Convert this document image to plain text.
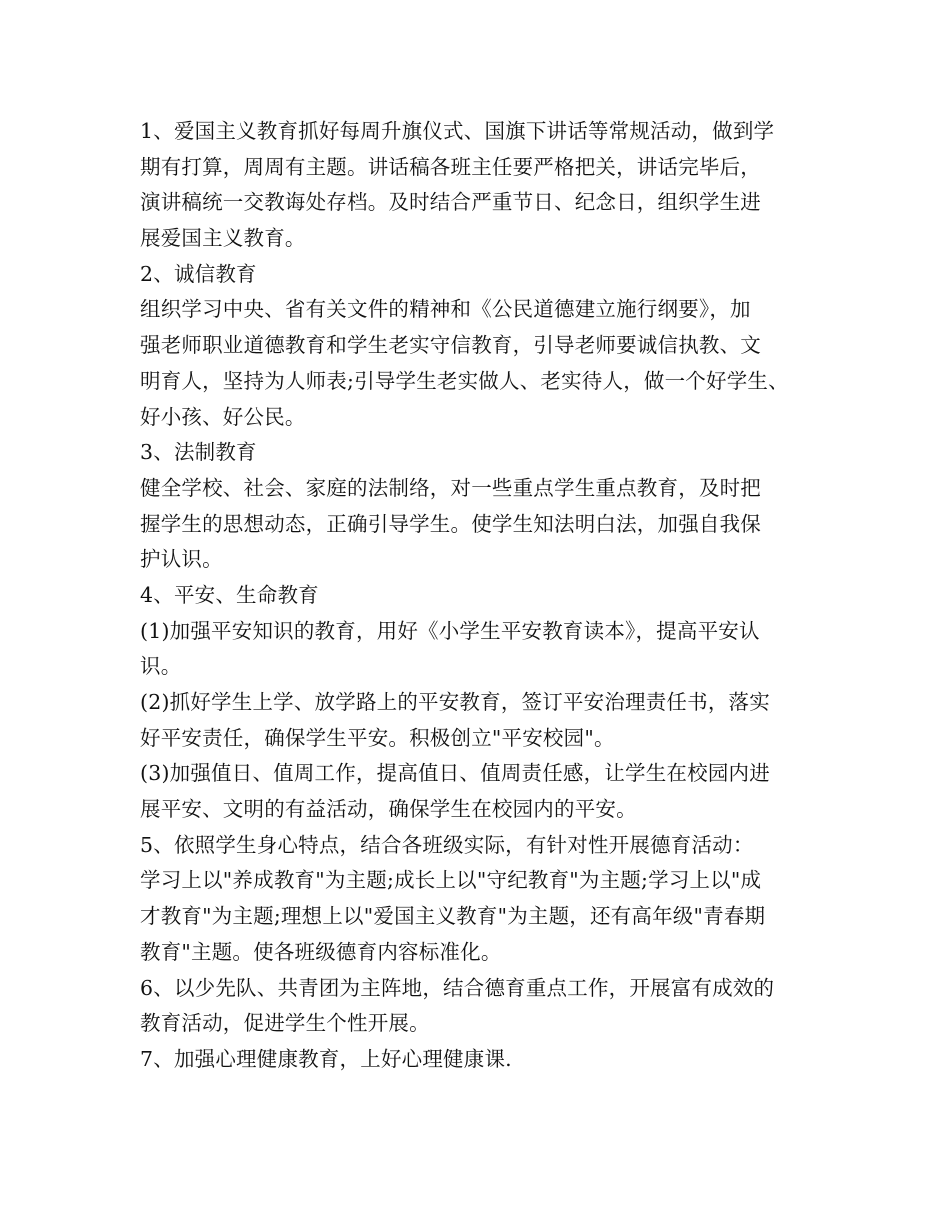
1、爱国主义教育抓好每周升旗仪式、国旗下讲话等常规活动，做到学
期有打算，周周有主题。讲话稿各班主任要严格把关，讲话完毕后，
演讲稿统一交教诲处存档。及时结合严重节日、纪念日，组织学生进
展爱国主义教育。
2、诚信教育
组织学习中央、省有关文件的精神和《公民道德建立施行纲要》，加
强老师职业道德教育和学生老实守信教育，引导老师要诚信执教、文
明育人，坚持为人师表;引导学生老实做人、老实待人，做一个好学生、
好小孩、好公民。
3、法制教育
健全学校、社会、家庭的法制络，对一些重点学生重点教育，及时把
握学生的思想动态，正确引导学生。使学生知法明白法，加强自我保
护认识。
4、平安、生命教育
(1)加强平安知识的教育，用好《小学生平安教育读本》，提高平安认
识。
(2)抓好学生上学、放学路上的平安教育，签订平安治理责任书，落实
好平安责任，确保学生平安。积极创立"平安校园"。
(3)加强值日、值周工作，提高值日、值周责任感，让学生在校园内进
展平安、文明的有益活动，确保学生在校园内的平安。
5、依照学生身心特点，结合各班级实际，有针对性开展德育活动：
学习上以"养成教育"为主题;成长上以"守纪教育"为主题;学习上以"成
才教育"为主题;理想上以"爱国主义教育"为主题，还有高年级"青春期
教育"主题。使各班级德育内容标准化。
6、以少先队、共青团为主阵地，结合德育重点工作，开展富有成效的
教育活动，促进学生个性开展。
7、加强心理健康教育，上好心理健康课.
